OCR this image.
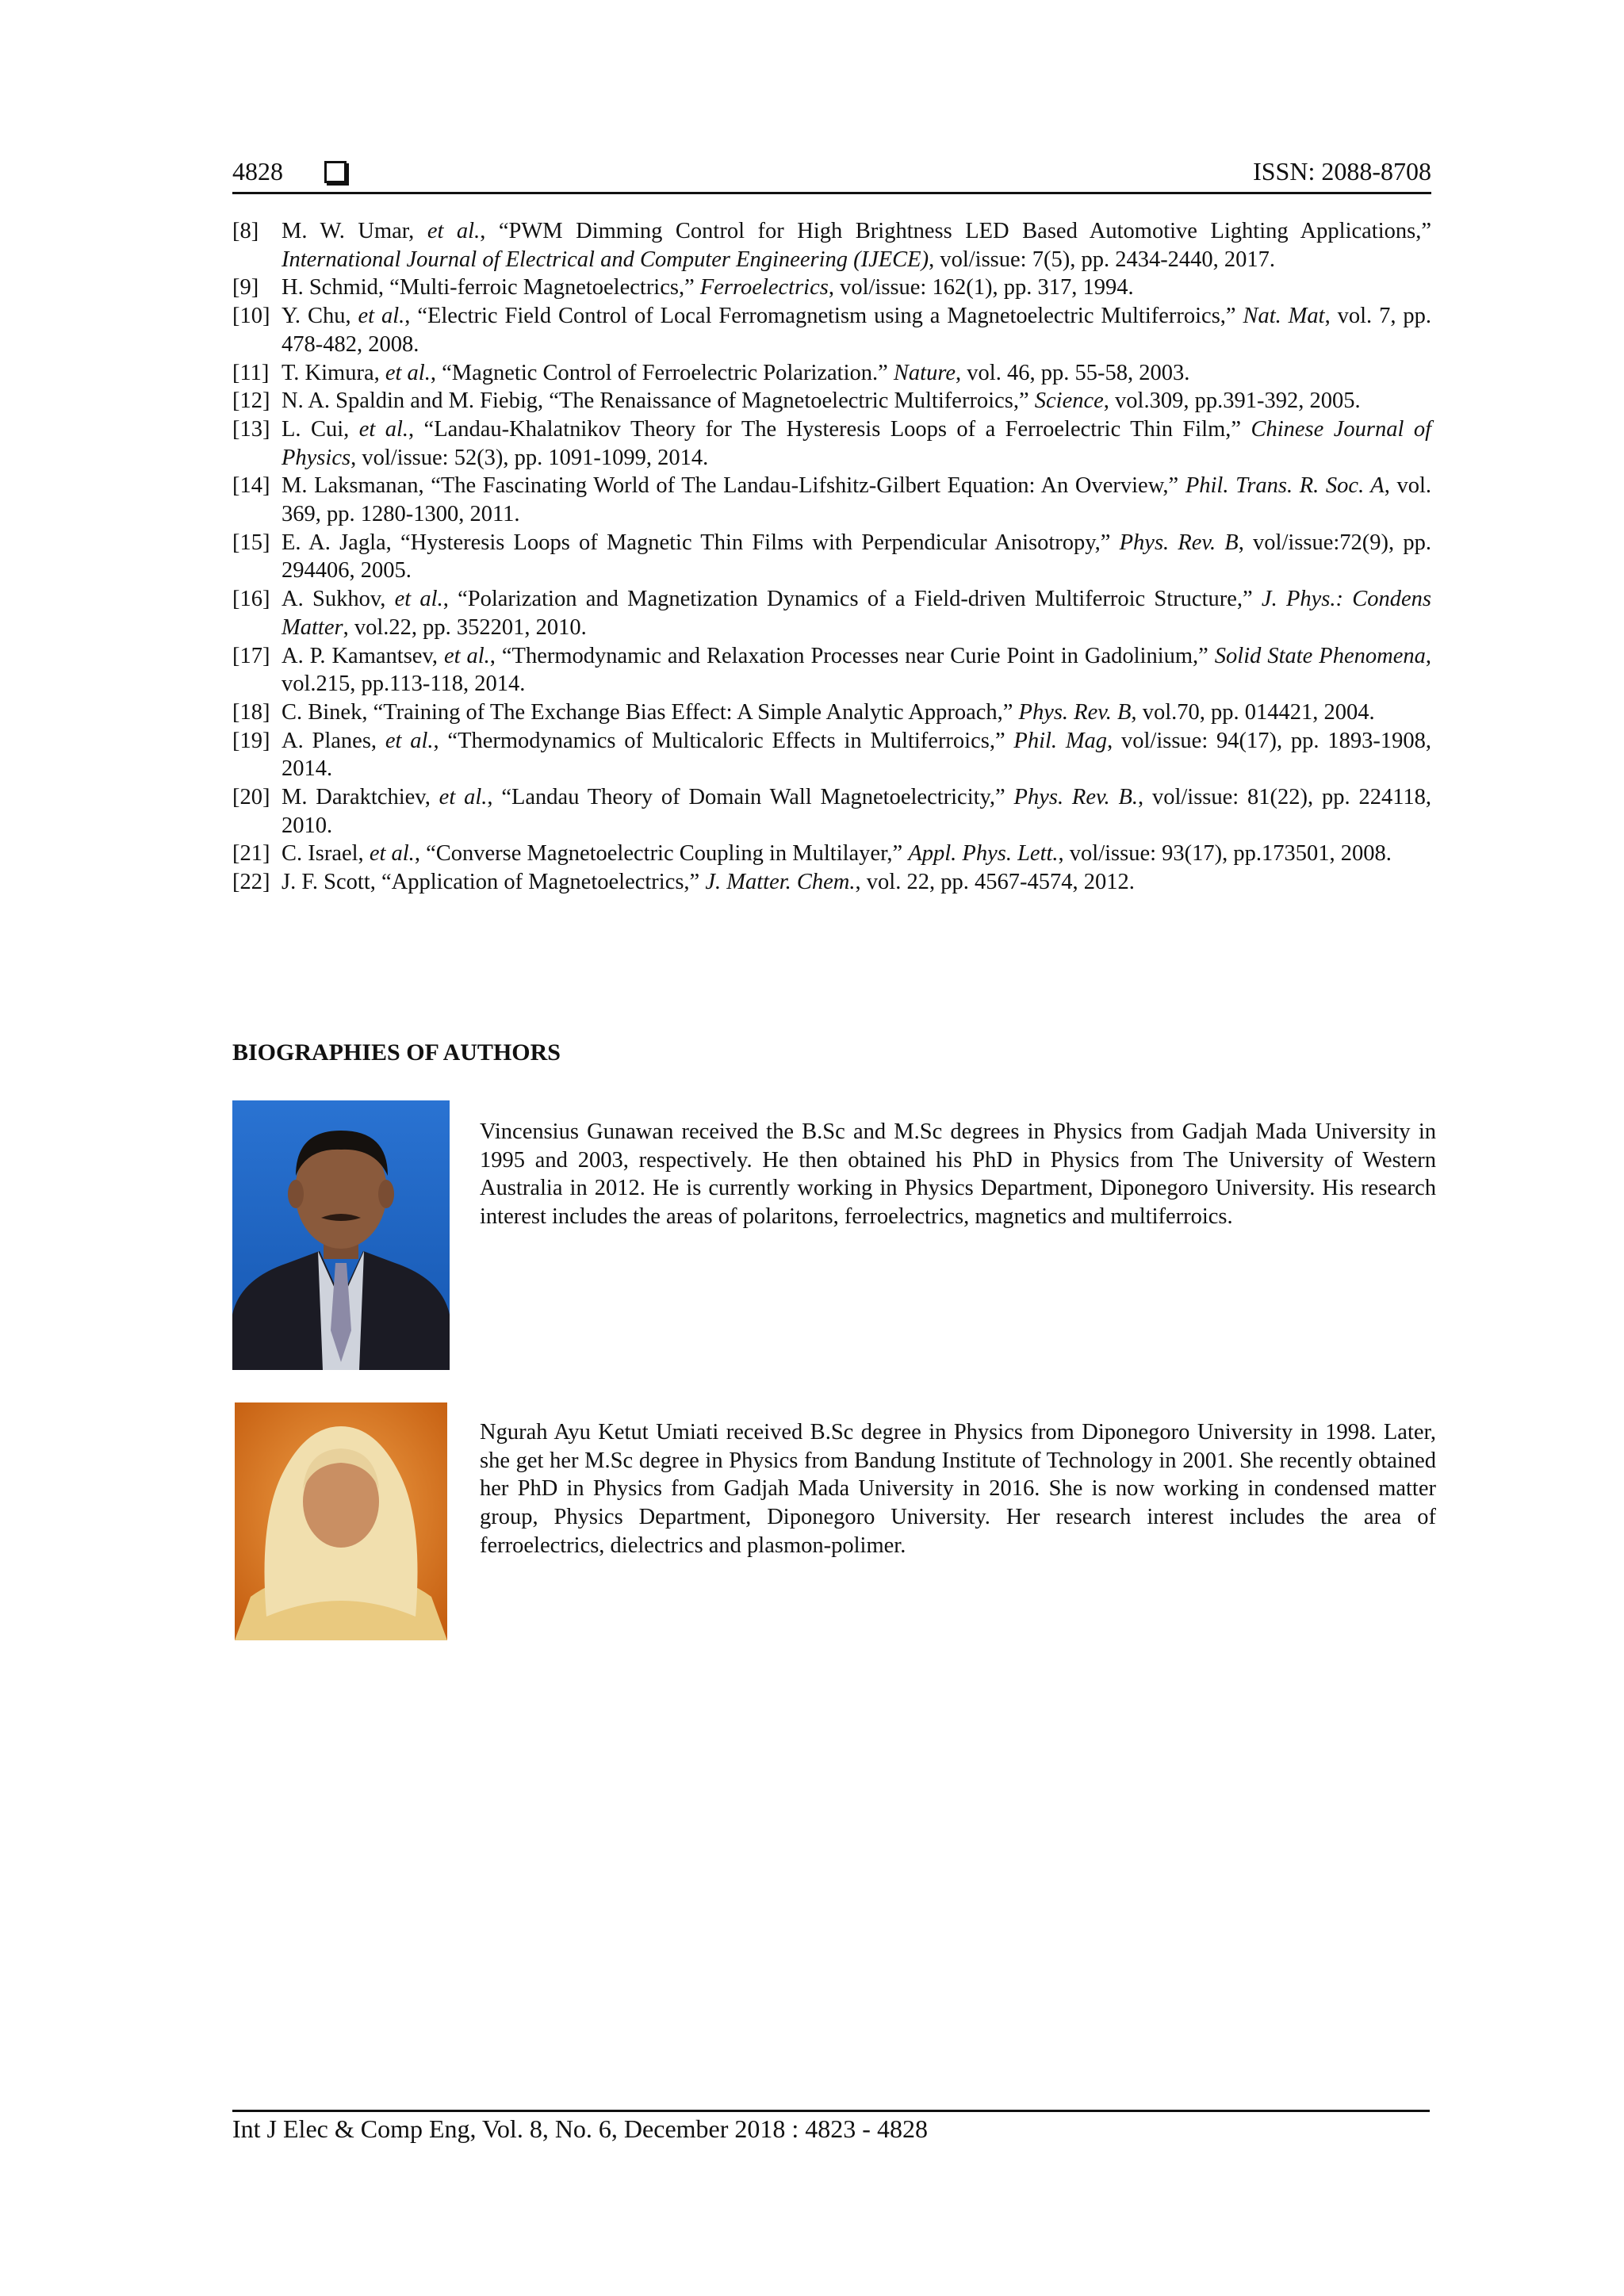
4828	ISSN: 2088-8708
[8] M. W. Umar, et al., “PWM Dimming Control for High Brightness LED Based Automotive Lighting Applications,” International Journal of Electrical and Computer Engineering (IJECE), vol/issue: 7(5), pp. 2434-2440, 2017.
[9] H. Schmid, “Multi-ferroic Magnetoelectrics,” Ferroelectrics, vol/issue: 162(1), pp. 317, 1994.
[10] Y. Chu, et al., “Electric Field Control of Local Ferromagnetism using a Magnetoelectric Multiferroics,” Nat. Mat, vol. 7, pp. 478-482, 2008.
[11] T. Kimura, et al., “Magnetic Control of Ferroelectric Polarization.” Nature, vol. 46, pp. 55-58, 2003.
[12] N. A. Spaldin and M. Fiebig, “The Renaissance of Magnetoelectric Multiferroics,” Science, vol.309, pp.391-392, 2005.
[13] L. Cui, et al., “Landau-Khalatnikov Theory for The Hysteresis Loops of a Ferroelectric Thin Film,” Chinese Journal of Physics, vol/issue: 52(3), pp. 1091-1099, 2014.
[14] M. Laksmanan, “The Fascinating World of The Landau-Lifshitz-Gilbert Equation: An Overview,” Phil. Trans. R. Soc. A, vol. 369, pp. 1280-1300, 2011.
[15] E. A. Jagla, “Hysteresis Loops of Magnetic Thin Films with Perpendicular Anisotropy,” Phys. Rev. B, vol/issue:72(9), pp. 294406, 2005.
[16] A. Sukhov, et al., “Polarization and Magnetization Dynamics of a Field-driven Multiferroic Structure,” J. Phys.: Condens Matter, vol.22, pp. 352201, 2010.
[17] A. P. Kamantsev, et al., “Thermodynamic and Relaxation Processes near Curie Point in Gadolinium,” Solid State Phenomena, vol.215, pp.113-118, 2014.
[18] C. Binek, “Training of The Exchange Bias Effect: A Simple Analytic Approach,” Phys. Rev. B, vol.70, pp. 014421, 2004.
[19] A. Planes, et al., “Thermodynamics of Multicaloric Effects in Multiferroics,” Phil. Mag, vol/issue: 94(17), pp. 1893-1908, 2014.
[20] M. Daraktchiev, et al., “Landau Theory of Domain Wall Magnetoelectricity,” Phys. Rev. B., vol/issue: 81(22), pp. 224118, 2010.
[21] C. Israel, et al., “Converse Magnetoelectric Coupling in Multilayer,” Appl. Phys. Lett., vol/issue: 93(17), pp.173501, 2008.
[22] J. F. Scott, “Application of Magnetoelectrics,” J. Matter. Chem., vol. 22, pp. 4567-4574, 2012.
BIOGRAPHIES OF AUTHORS
Vincensius Gunawan received the B.Sc and M.Sc degrees in Physics from Gadjah Mada University in 1995 and 2003, respectively. He then obtained his PhD in Physics from The University of Western Australia in 2012. He is currently working in Physics Department, Diponegoro University. His research interest includes the areas of polaritons, ferroelectrics, magnetics and multiferroics.
Ngurah Ayu Ketut Umiati received B.Sc degree in Physics from Diponegoro University in 1998. Later, she get her M.Sc degree in Physics from Bandung Institute of Technology in 2001. She recently obtained her PhD in Physics from Gadjah Mada University in 2016. She is now working in condensed matter group, Physics Department, Diponegoro University. Her research interest includes the area of ferroelectrics, dielectrics and plasmon-polimer.
Int J Elec & Comp Eng, Vol. 8, No. 6, December 2018 : 4823 - 4828
